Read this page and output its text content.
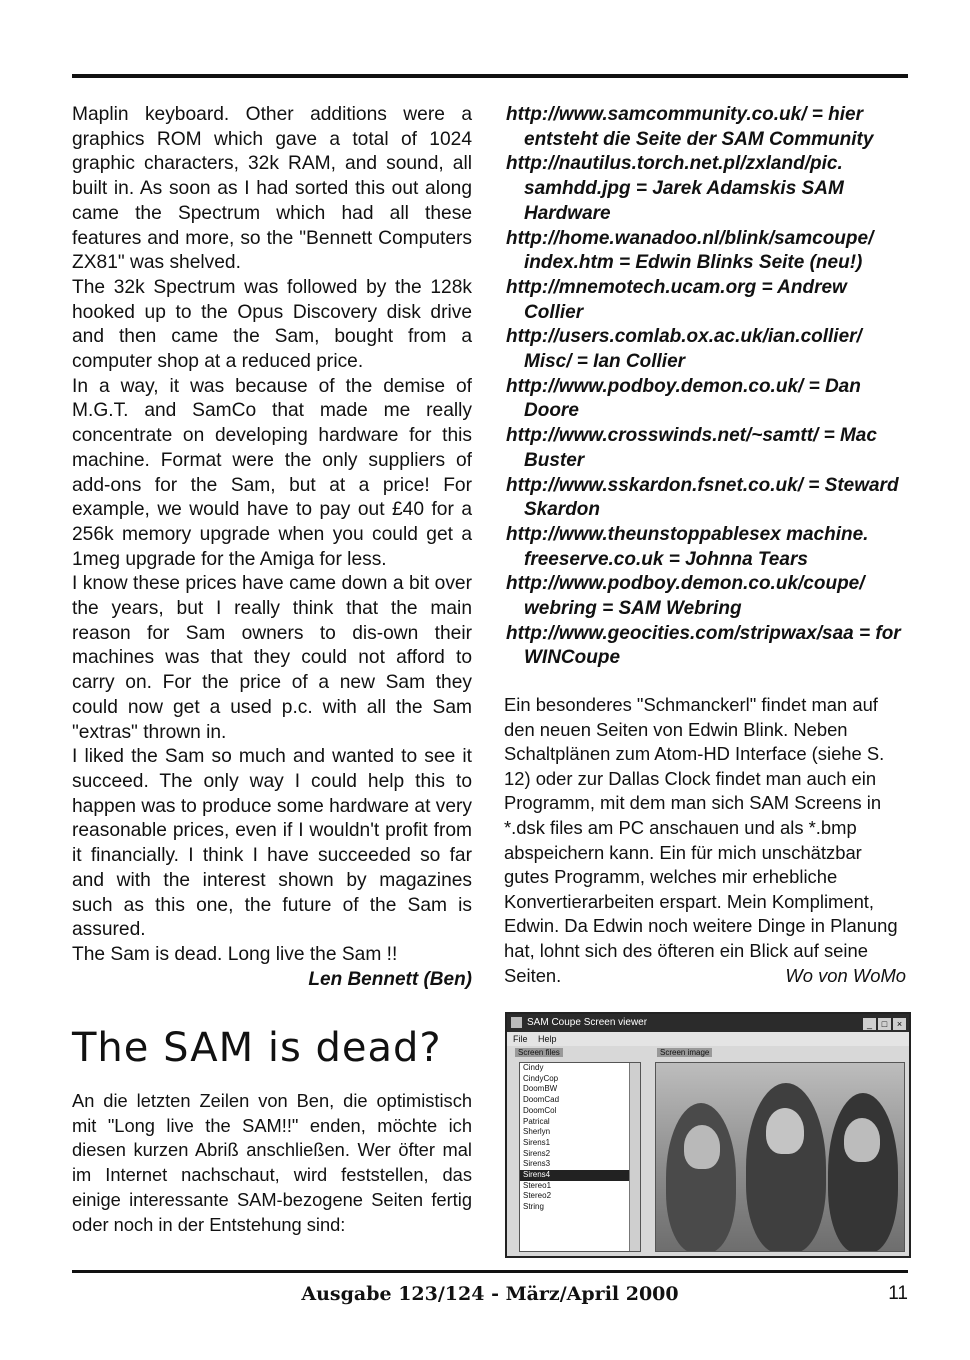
Maplin keyboard. Other additions were a graphics ROM which gave a total of 1024 graphic characters, 32k RAM, and sound, all built in. As soon as I had sorted this out along came the Spectrum which had all these features and more, so the "Bennett Computers ZX81" was shelved.

The 32k Spectrum was followed by the 128k hooked up to the Opus Discovery disk drive and then came the Sam, bought from a computer shop at a reduced price.

In a way, it was because of the demise of M.G.T. and SamCo that made me really concentrate on developing hardware for this machine. Format were the only suppliers of add-ons for the Sam, but at a price! For example, we would have to pay out £40 for a 256k memory upgrade when you could get a 1meg upgrade for the Amiga for less.

I know these prices have came down a bit over the years, but I really think that the main reason for Sam owners to dis-own their machines was that they could not afford to carry on. For the price of a new Sam they could now get a used p.c. with all the Sam "extras" thrown in.

I liked the Sam so much and wanted to see it succeed. The only way I could help this to happen was to produce some hardware at very reasonable prices, even if I wouldn't profit from it financially. I think I have succeeded so far and with the interest shown by magazines such as this one, the future of the Sam is assured.

The Sam is dead. Long live the Sam !!

Len Bennett (Ben)

The SAM is dead?

An die letzten Zeilen von Ben, die optimistisch mit "Long live the SAM!!" enden, möchte ich diesen kurzen Abriß anschließen. Wer öfter mal im Internet nachschaut, wird feststellen, das einige interessante SAM-bezogene Seiten fertig oder noch in der Entstehung sind:

http://www.samcommunity.co.uk/ = hier entsteht die Seite der SAM Community
http://nautilus.torch.net.pl/zxland/pic. samhdd.jpg = Jarek Adamskis SAM Hardware
http://home.wanadoo.nl/blink/samcoupe/ index.htm = Edwin Blinks Seite (neu!)
http://mnemotech.ucam.org = Andrew Collier
http://users.comlab.ox.ac.uk/ian.collier/ Misc/ = Ian Collier
http://www.podboy.demon.co.uk/ = Dan Doore
http://www.crosswinds.net/~samtt/ = Mac Buster
http://www.sskardon.fsnet.co.uk/ = Steward Skardon
http://www.theunstoppablesex machine. freeserve.co.uk = Johnna Tears
http://www.podboy.demon.co.uk/coupe/ webring = SAM Webring
http://www.geocities.com/stripwax/saa = for WINCoupe

Ein besonderes "Schmanckerl" findet man auf den neuen Seiten von Edwin Blink. Neben Schaltplänen zum Atom-HD Interface (siehe S. 12) oder zur Dallas Clock findet man auch ein Programm, mit dem man sich SAM Screens in *.dsk files am PC anschauen und als *.bmp abspeichern kann. Ein für mich unschätzbar gutes Programm, welches mir erhebliche Konvertierarbeiten erspart. Mein Kompliment, Edwin. Da Edwin noch weitere Dinge in Planung hat, lohnt sich des öfteren ein Blick auf seine Seiten.	Wo von WoMo

SAM Coupe Screen viewer	_ □ ×
File Help
Screen files	Screen image
Cindy
CindyCop
DoomBW
DoomCad
DoomCol
Patrical
Sherlyn
Sirens1
Sirens2
Sirens3
Sirens4
Stereo1
Stereo2
String

Ausgabe 123/124 - März/April 2000	11
